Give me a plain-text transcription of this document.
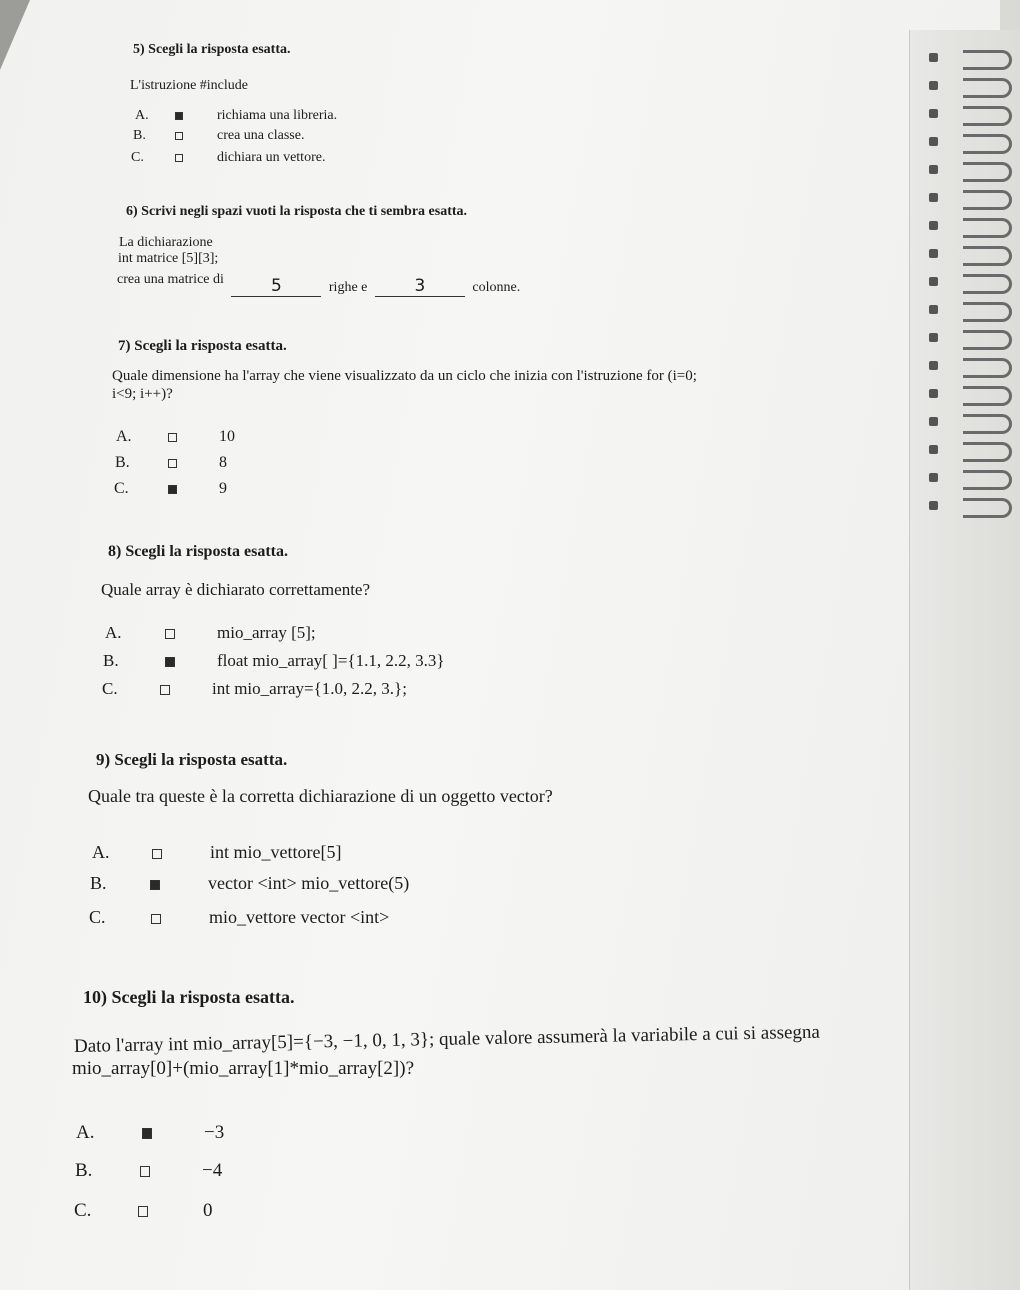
5) Scegli la risposta esatta.
L'istruzione #include
A.	richiama una libreria.
B.	crea una classe.
C.	dichiara un vettore.
6) Scrivi negli spazi vuoti la risposta che ti sembra esatta.
La dichiarazione
int matrice [5][3];
crea una matrice di	5	righe e	3	colonne.
7) Scegli la risposta esatta.
Quale dimensione ha l'array che viene visualizzato da un ciclo che inizia con l'istruzione for (i=0;
i<9; i++)?
A.	10
B.	8
C.	9
8) Scegli la risposta esatta.
Quale array è dichiarato correttamente?
A.	mio_array [5];
B.	float mio_array[ ]={1.1, 2.2, 3.3}
C.	int mio_array={1.0, 2.2, 3.};
9) Scegli la risposta esatta.
Quale tra queste è la corretta dichiarazione di un oggetto vector?
A.	int mio_vettore[5]
B.	vector <int> mio_vettore(5)
C.	mio_vettore vector <int>
10) Scegli la risposta esatta.
Dato l'array int mio_array[5]={−3, −1, 0, 1, 3}; quale valore assumerà la variabile a cui si assegna
mio_array[0]+(mio_array[1]*mio_array[2])?
A.	−3
B.	−4
C.	0
